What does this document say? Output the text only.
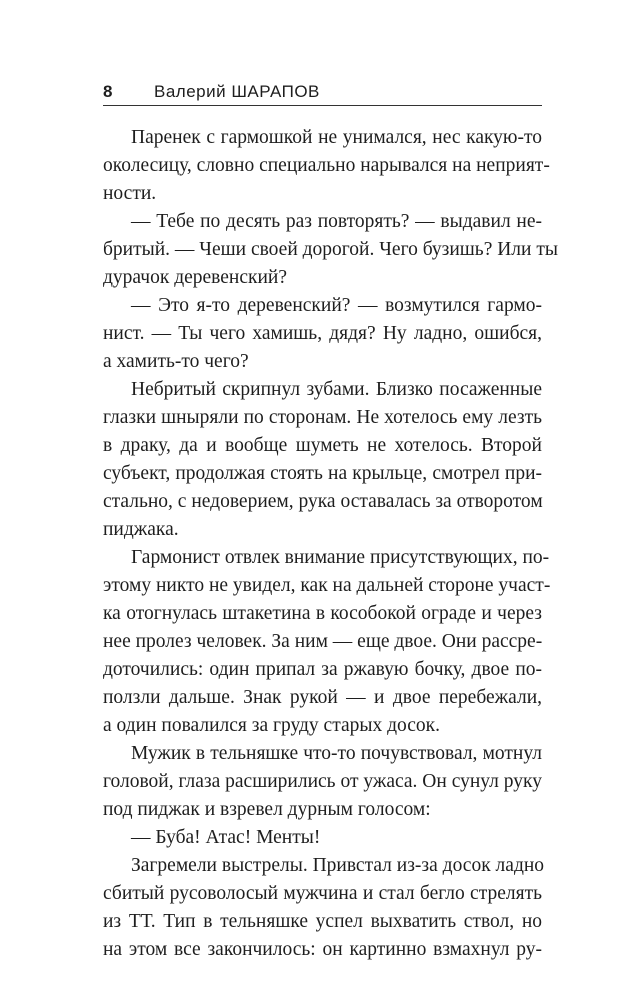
8 Валерий ШАРАПОВ
Паренек с гармошкой не унимался, нес какую-то
околесицу, словно специально нарывался на неприят-
ности.
— Тебе по десять раз повторять? — выдавил не-
бритый. — Чеши своей дорогой. Чего бузишь? Или ты
дурачок деревенский?
— Это я-то деревенский? — возмутился гармо-
нист. — Ты чего хамишь, дядя? Ну ладно, ошибся,
а хамить-то чего?
Небритый скрипнул зубами. Близко посаженные
глазки шныряли по сторонам. Не хотелось ему лезть
в драку, да и вообще шуметь не хотелось. Второй
субъект, продолжая стоять на крыльце, смотрел при-
стально, с недоверием, рука оставалась за отворотом
пиджака.
Гармонист отвлек внимание присутствующих, по-
этому никто не увидел, как на дальней стороне участ-
ка отогнулась штакетина в кособокой ограде и через
нее пролез человек. За ним — еще двое. Они рассре-
доточились: один припал за ржавую бочку, двое по-
ползли дальше. Знак рукой — и двое перебежали,
а один повалился за груду старых досок.
Мужик в тельняшке что-то почувствовал, мотнул
головой, глаза расширились от ужаса. Он сунул руку
под пиджак и взревел дурным голосом:
— Буба! Атас! Менты!
Загремели выстрелы. Привстал из-за досок ладно
сбитый русоволосый мужчина и стал бегло стрелять
из ТТ. Тип в тельняшке успел выхватить ствол, но
на этом все закончилось: он картинно взмахнул ру-
